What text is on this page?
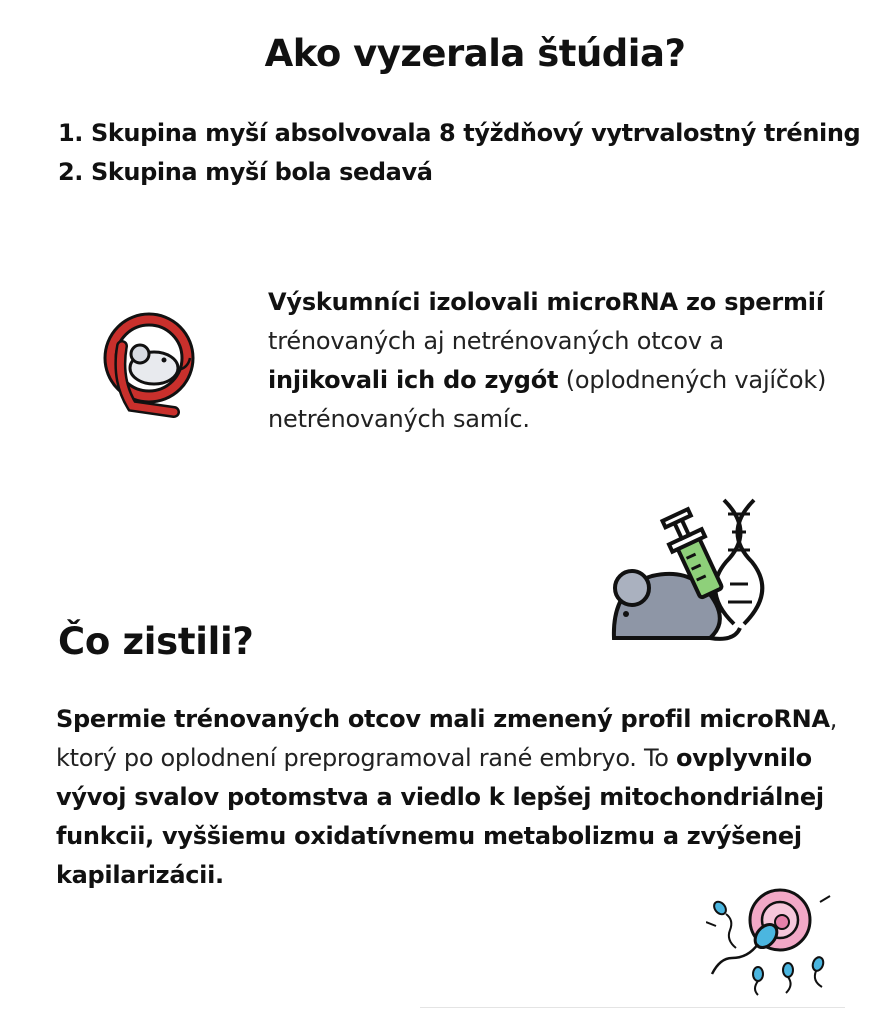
Ako vyzerala štúdia?
1. Skupina myší absolvovala 8 týždňový vytrvalostný tréning
2. Skupina myší bola sedavá
Výskumníci izolovali microRNA zo spermií
trénovaných aj netrénovaných otcov a
injikovali ich do zygót (oplodnených vajíčok) netrénovaných samíc.
Čo zistili?
Spermie trénovaných otcov mali zmenený profil microRNA, ktorý po oplodnení preprogramoval rané embryo. To ovplyvnilo vývoj svalov potomstva a viedlo k lepšej mitochondriálnej funkcii, vyššiemu oxidatívnemu metabolizmu a zvýšenej kapilarizácii.
